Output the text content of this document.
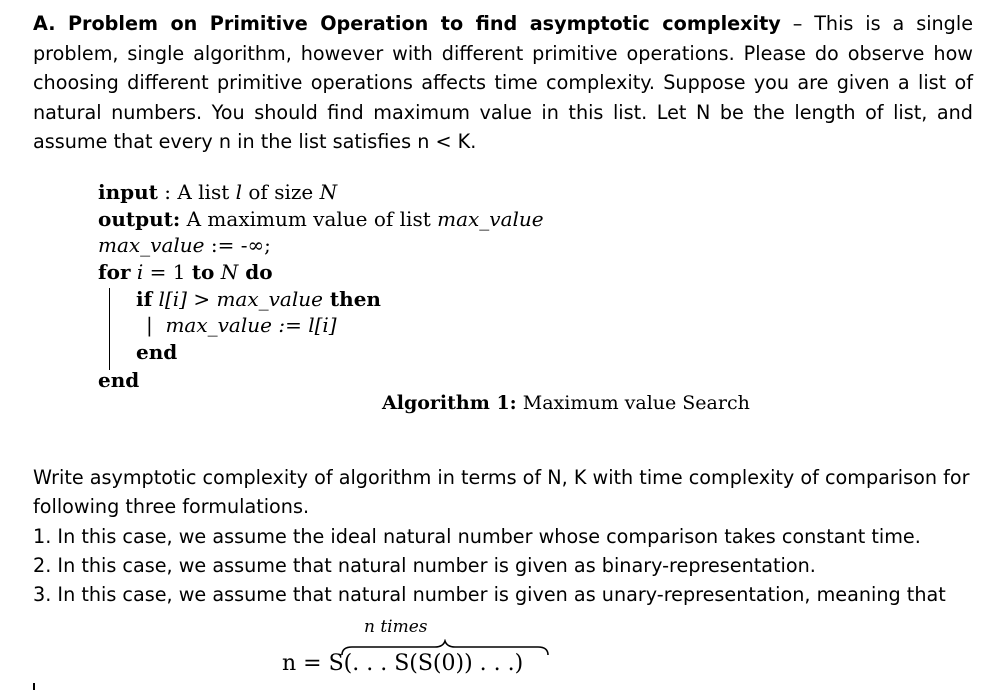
A. Problem on Primitive Operation to find asymptotic complexity – This is a single problem, single algorithm, however with different primitive operations. Please do observe how choosing different primitive operations affects time complexity. Suppose you are given a list of natural numbers. You should find maximum value in this list. Let N be the length of list, and assume that every n in the list satisfies n < K.
input : A list l of size N
output: A maximum value of list max_value
max_value := -∞;
for i = 1 to N do
if l[i] > max_value then
| max_value := l[i]
end
end
Algorithm 1: Maximum value Search

Write asymptotic complexity of algorithm in terms of N, K with time complexity of comparison for following three formulations.

1. In this case, we assume the ideal natural number whose comparison takes constant time.

2. In this case, we assume that natural number is given as binary-representation.

3. In this case, we assume that natural number is given as unary-representation, meaning that

n times
n = S(. . . S(S(0)) . . .)
